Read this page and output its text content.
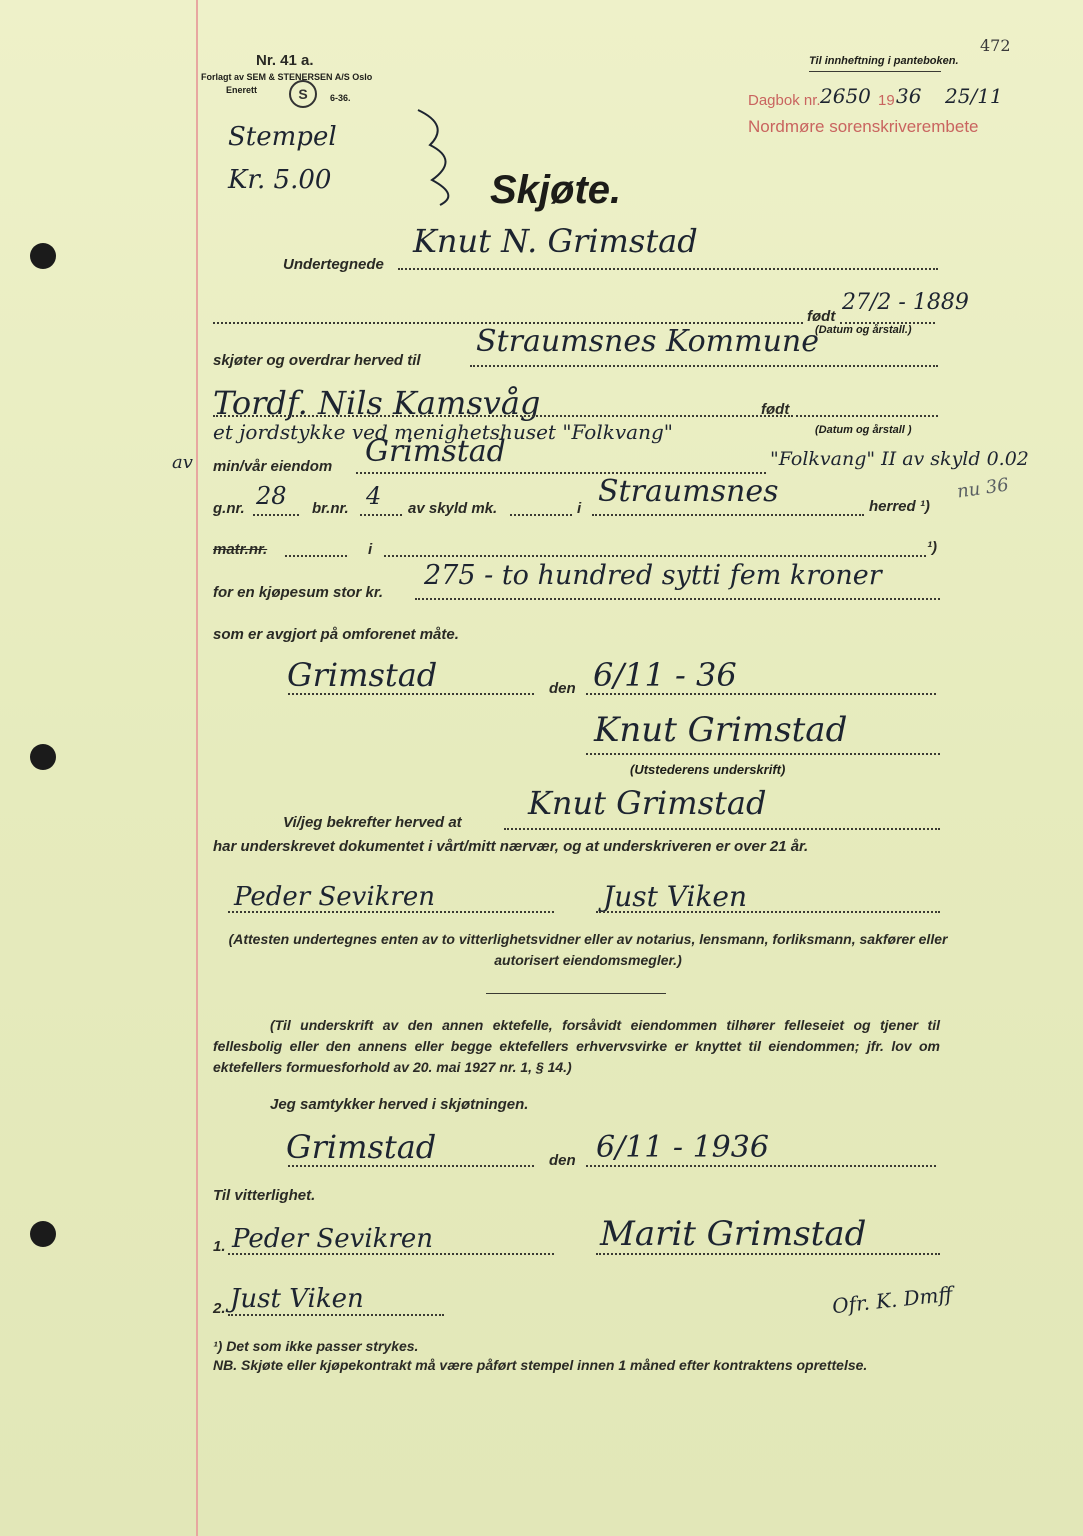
Nr. 41 a.
Forlagt av SEM & STENERSEN A/S Oslo
Enerett	S	6-36.
Til innheftning i pantebоken.
472
Dagbok nr. 2650 19 36 25/11
Nordmøre sorenskriverembete
Stempel
Kr. 5.00	Skjøte.
Undertegnede
Knut N. Grimstad
født
27/2 - 1889
(Datum og årstall.)
skjøter og overdrar herved til
Straumsnes Kommune
Tordf. Nils Kamsvåg	født
et jordstykke ved menighetshuset "Folkvang"	(Datum og årstall )
av min/vår eiendom Grimstad	"Folkvang" II av skyld 0.02
g.nr. 28 br.nr. 4 av skyld mk.	i Straumsnes	herred ¹)
nu 36
matr.nr.	i	¹)
for en kjøpesum stor kr.
275 - to hundred sytti fem kroner
som er avgjort på omforenet måte.
Grimstad	den 6/11 - 36
Knut Grimstad
(Utstederens underskrift)
Vi/jeg bekrefter herved at
Knut Grimstad
har underskrevet dokumentet i vårt/mitt nærvær, og at underskriveren er over 21 år.
Peder Sevikren	Just Viken
(Attesten undertegnes enten av to vitterlighetsvidner eller av notarius, lensmann, forliksmann, sakfører eller autorisert eiendomsmegler.)
(Til underskrift av den annen ektefelle, forsåvidt eiendommen tilhører felleseiet og tjener til fellesbolig eller den annens eller begge ektefellers erhvervsvirke er knyttet til eiendommen; jfr. lov om ektefellers formuesforhold av 20. mai 1927 nr. 1, § 14.)
Jeg samtykker herved i skjøtningen.
Grimstad	den 6/11 - 1936
Til vitterlighet.
1. Peder Sevikren	Marit Grimstad
2. Just Viken	Ofr. K. Dmff
¹) Det som ikke passer strykes.
NB. Skjøte eller kjøpekontrakt må være påført stempel innen 1 måned efter kontraktens oprettelse.
